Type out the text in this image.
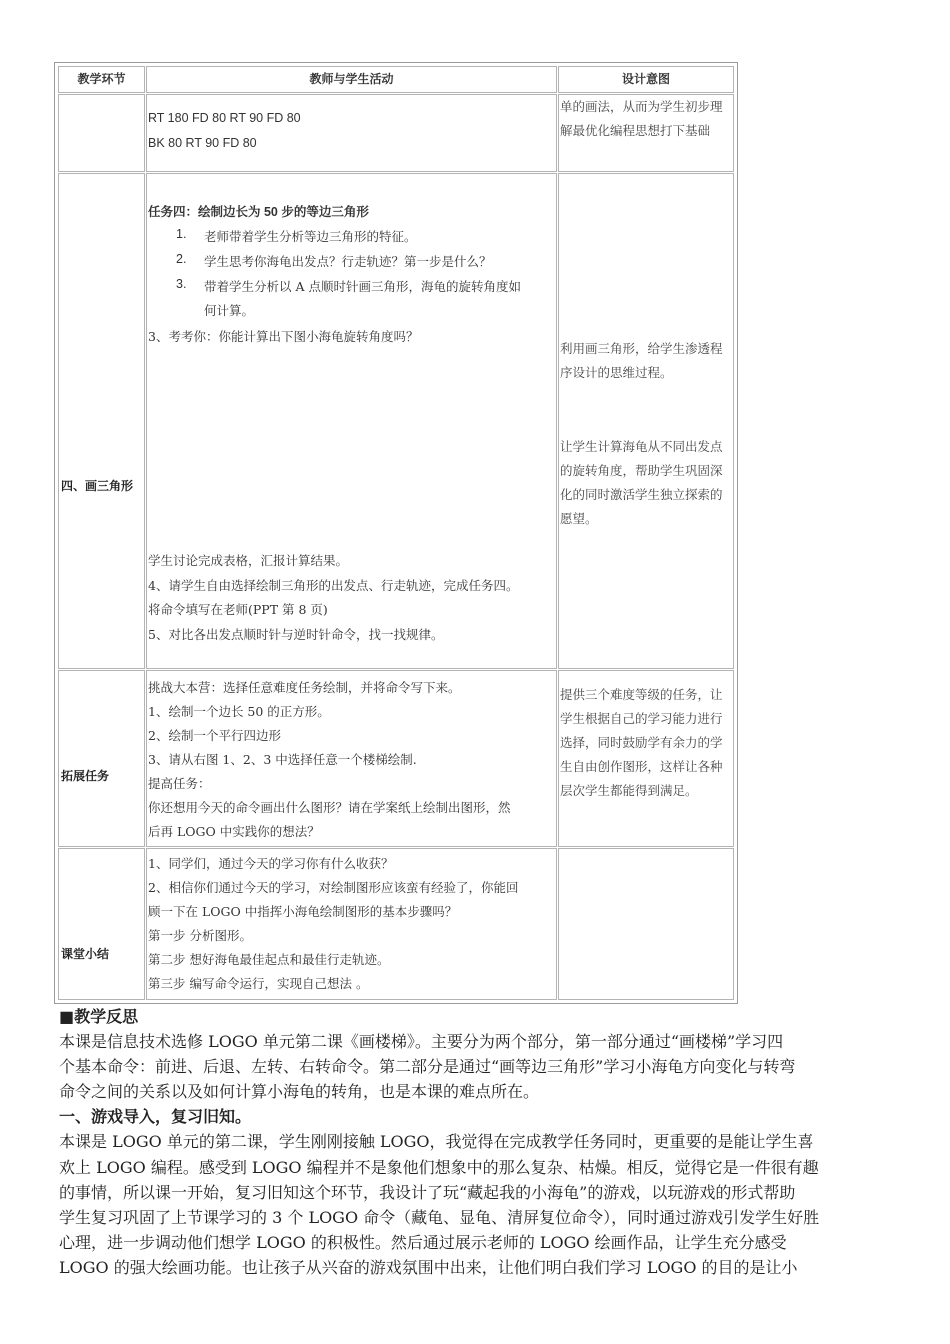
教学环节	教师与学生活动	设计意图
RT 180 FD 80 RT 90 FD 80
BK 80 RT 90 FD 80
单的画法，从而为学生初步理解最优化编程思想打下基础
四、画三角形
任务四：绘制边长为 50 步的等边三角形
1. 老师带着学生分析等边三角形的特征。
2. 学生思考你海龟出发点？行走轨迹？第一步是什么？
3. 带着学生分析以 A 点顺时针画三角形，海龟的旋转角度如
何计算。
3、考考你：你能计算出下图小海龟旋转角度吗？
学生讨论完成表格，汇报计算结果。
4、请学生自由选择绘制三角形的出发点、行走轨迹，完成任务四。
将命令填写在老师(PPT 第 8 页)
5、对比各出发点顺时针与逆时针命令，找一找规律。
利用画三角形，给学生渗透程序设计的思维过程。
让学生计算海龟从不同出发点的旋转角度，帮助学生巩固深化的同时激活学生独立探索的愿望。
拓展任务
挑战大本营：选择任意难度任务绘制，并将命令写下来。
1、绘制一个边长 50 的正方形。
2、绘制一个平行四边形
3、请从右图 1、2、3 中选择任意一个楼梯绘制.
提高任务：
你还想用今天的命令画出什么图形？请在学案纸上绘制出图形，然
后再 LOGO 中实践你的想法？
提供三个难度等级的任务，让学生根据自己的学习能力进行选择，同时鼓励学有余力的学生自由创作图形，这样让各种层次学生都能得到满足。
课堂小结
1、同学们，通过今天的学习你有什么收获？
2、相信你们通过今天的学习，对绘制图形应该蛮有经验了，你能回
顾一下在 LOGO 中指挥小海龟绘制图形的基本步骤吗？
第一步 分析图形。
第二步 想好海龟最佳起点和最佳行走轨迹。
第三步 编写命令运行，实现自己想法 。
■教学反思
本课是信息技术选修 LOGO 单元第二课《画楼梯》。主要分为两个部分，第一部分通过“画楼梯”学习四
个基本命令：前进、后退、左转、右转命令。第二部分是通过“画等边三角形”学习小海龟方向变化与转弯
命令之间的关系以及如何计算小海龟的转角，也是本课的难点所在。
一、游戏导入，复习旧知。
本课是 LOGO 单元的第二课，学生刚刚接触 LOGO，我觉得在完成教学任务同时，更重要的是能让学生喜
欢上 LOGO 编程。感受到 LOGO 编程并不是象他们想象中的那么复杂、枯燥。相反，觉得它是一件很有趣
的事情，所以课一开始，复习旧知这个环节，我设计了玩“藏起我的小海龟”的游戏，以玩游戏的形式帮助
学生复习巩固了上节课学习的 3 个 LOGO 命令（藏龟、显龟、清屏复位命令），同时通过游戏引发学生好胜
心理，进一步调动他们想学 LOGO 的积极性。然后通过展示老师的 LOGO 绘画作品，让学生充分感受
LOGO 的强大绘画功能。也让孩子从兴奋的游戏氛围中出来，让他们明白我们学习 LOGO 的目的是让小
